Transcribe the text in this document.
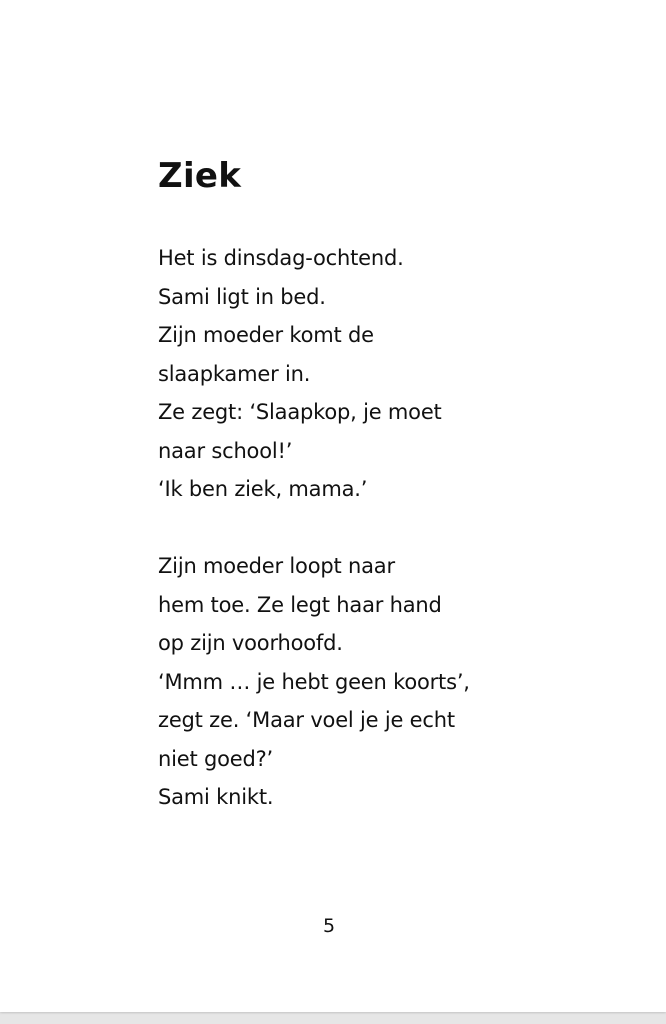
Ziek
Het is dinsdag-ochtend.
Sami ligt in bed.
Zijn moeder komt de
slaapkamer in.
Ze zegt: ‘Slaapkop, je moet
naar school!’
‘Ik ben ziek, mama.’
Zijn moeder loopt naar
hem toe. Ze legt haar hand
op zijn voorhoofd.
‘Mmm … je hebt geen koorts’,
zegt ze. ‘Maar voel je je echt
niet goed?’
Sami knikt.
5
